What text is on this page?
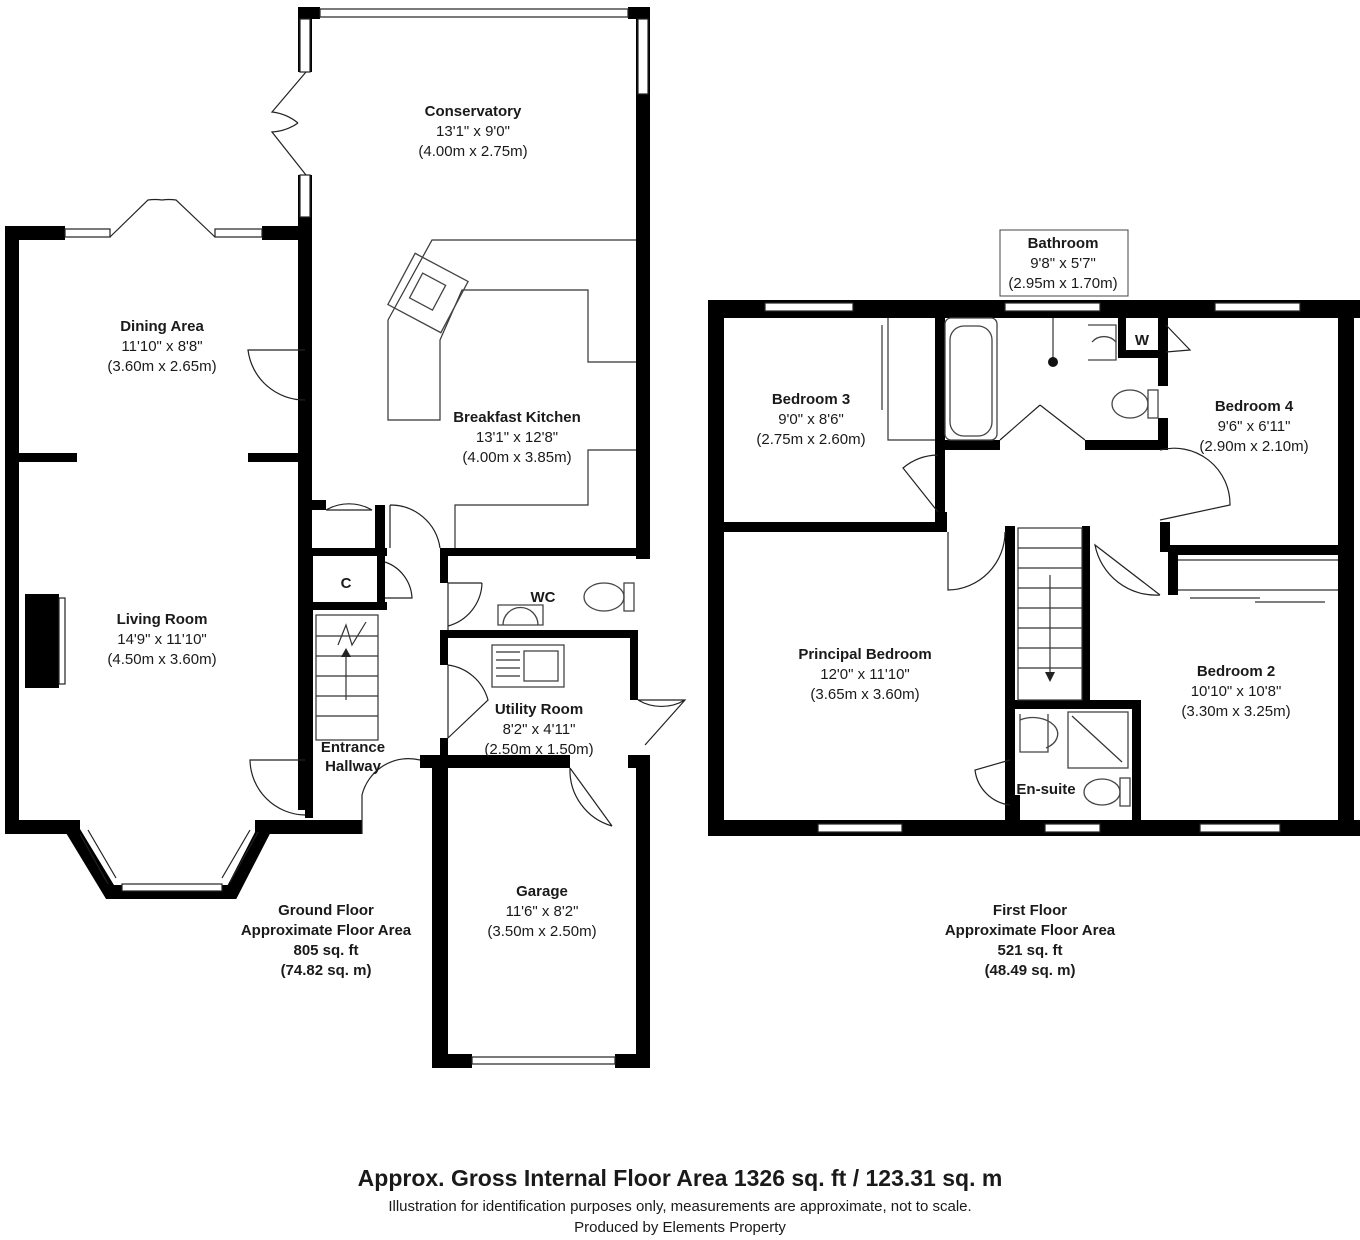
Conservatory
13'1" x 9'0"
(4.00m x 2.75m)
Dining Area
11'10" x 8'8"
(3.60m x 2.65m)
Breakfast Kitchen
13'1" x 12'8"
(4.00m x 3.85m)
Living Room
14'9" x 11'10"
(4.50m x 3.60m)
WC
C
Utility Room
8'2" x 4'11"
(2.50m x 1.50m)
Entrance
Hallway
Garage
11'6" x 8'2"
(3.50m x 2.50m)
Ground Floor
Approximate Floor Area
805 sq. ft
(74.82 sq. m)
Bathroom
9'8" x 5'7"
(2.95m x 1.70m)
Bedroom 3
9'0" x 8'6"
(2.75m x 2.60m)
Bedroom 4
9'6" x 6'11"
(2.90m x 2.10m)
W
Principal Bedroom
12'0" x 11'10"
(3.65m x 3.60m)
Bedroom 2
10'10" x 10'8"
(3.30m x 3.25m)
En-suite
First Floor
Approximate Floor Area
521 sq. ft
(48.49 sq. m)
Approx. Gross Internal Floor Area 1326 sq. ft / 123.31 sq. m
Illustration for identification purposes only, measurements are approximate, not to scale.
Produced by Elements Property
